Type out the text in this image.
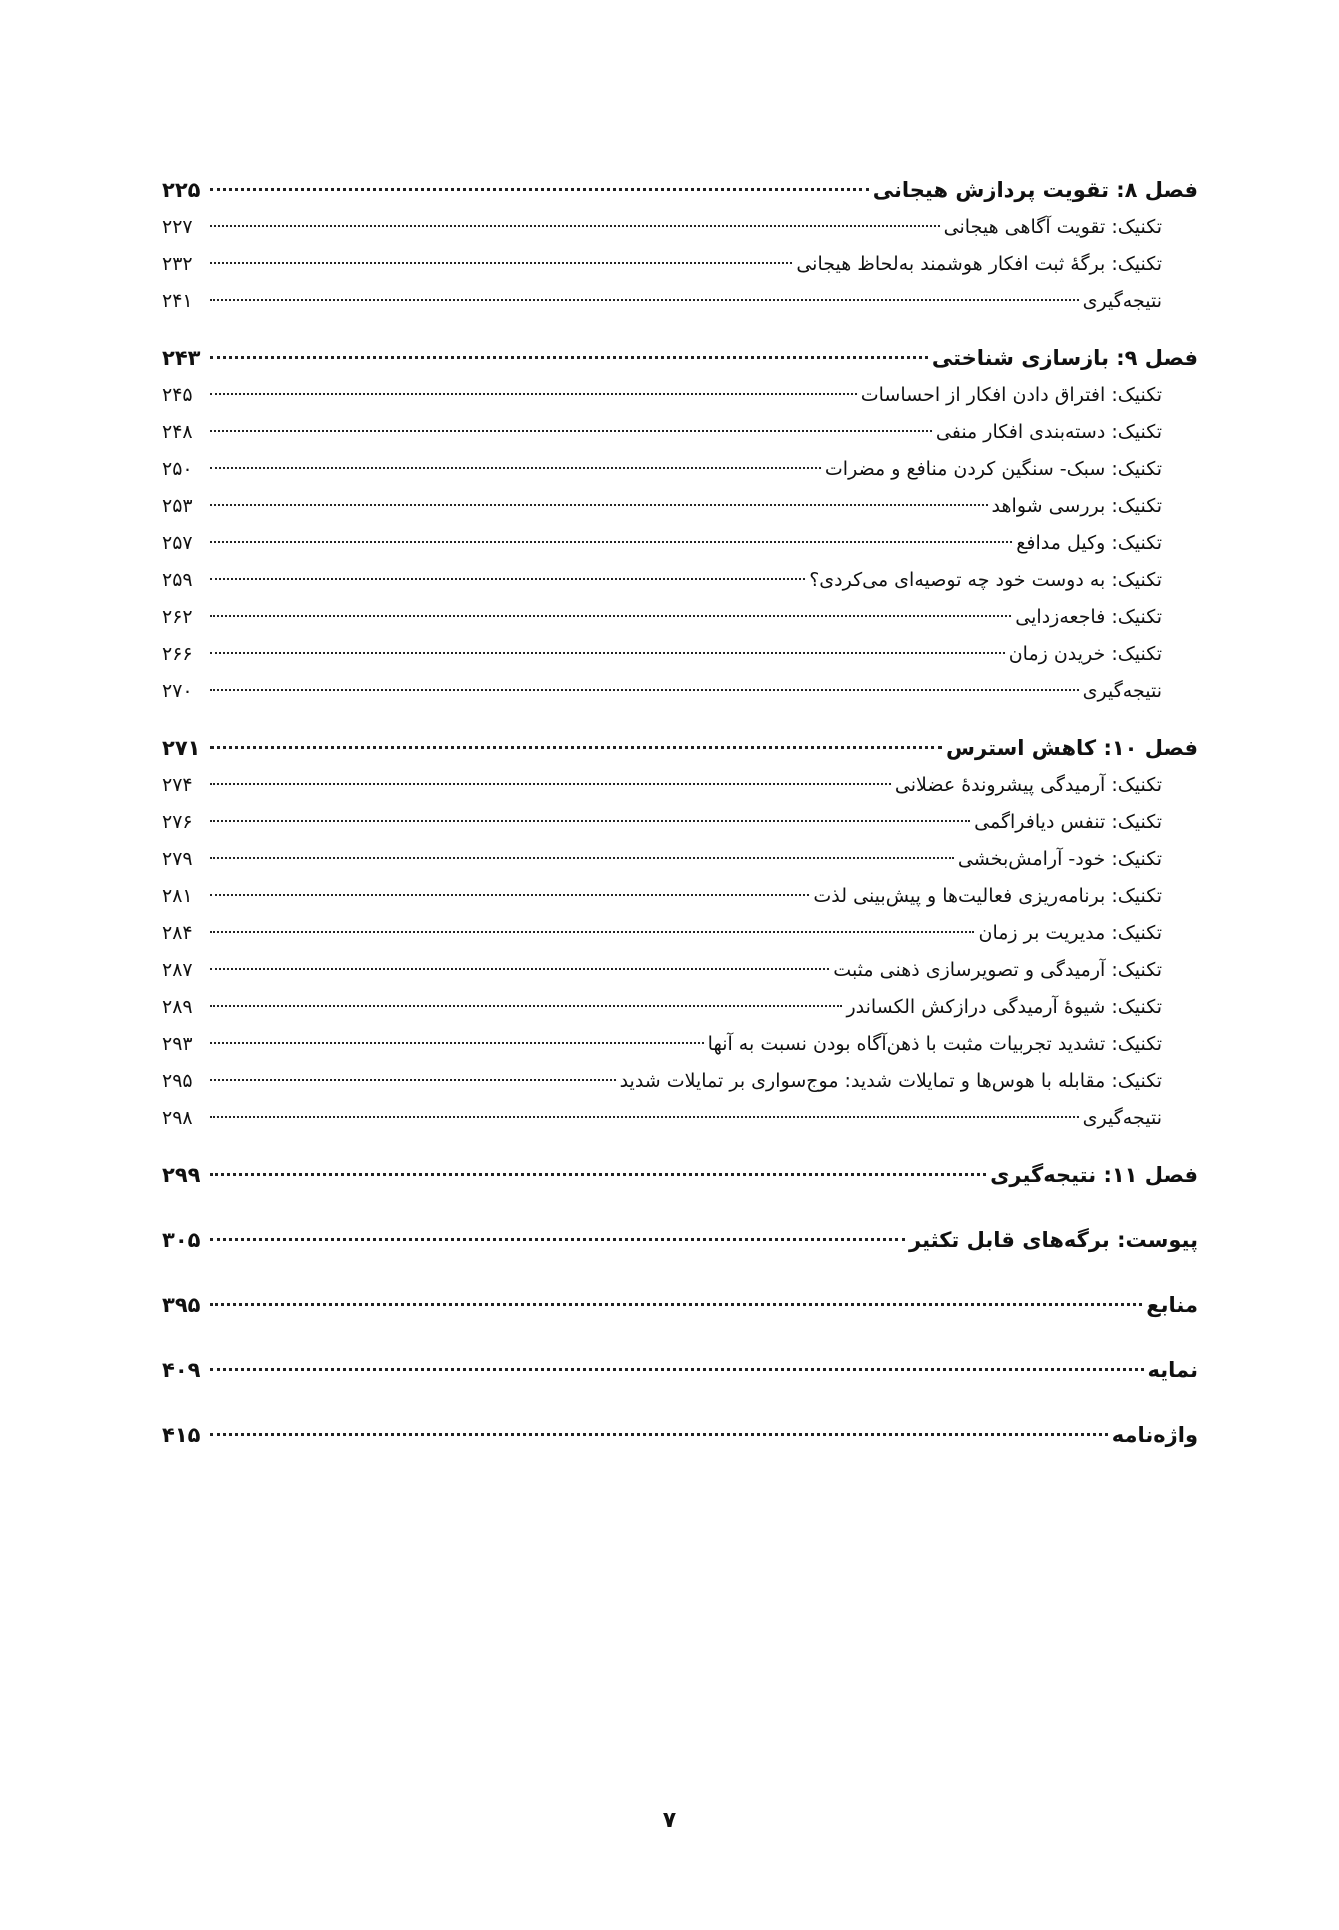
فصل ۸: تقویت پردازش هیجانی
۲۲۵
تکنیک: تقویت آگاهی هیجانی
۲۲۷
تکنیک: برگهٔ ثبت افکار هوشمند به‌لحاظ هیجانی
۲۳۲
نتیجه‌گیری
۲۴۱
فصل ۹: بازسازی شناختی
۲۴۳
تکنیک: افتراق دادن افکار از احساسات
۲۴۵
تکنیک: دسته‌بندی افکار منفی
۲۴۸
تکنیک: سبک- سنگین کردن منافع و مضرات
۲۵۰
تکنیک: بررسی شواهد
۲۵۳
تکنیک: وکیل مدافع
۲۵۷
تکنیک: به دوست خود چه توصیه‌ای می‌کردی؟
۲۵۹
تکنیک: فاجعه‌زدایی
۲۶۲
تکنیک: خریدن زمان
۲۶۶
نتیجه‌گیری
۲۷۰
فصل ۱۰: کاهش استرس
۲۷۱
تکنیک: آرمیدگی پیشروندهٔ عضلانی
۲۷۴
تکنیک: تنفس دیافراگمی
۲۷۶
تکنیک: خود- آرامش‌بخشی
۲۷۹
تکنیک: برنامه‌ریزی فعالیت‌ها و پیش‌بینی لذت
۲۸۱
تکنیک: مدیریت بر زمان
۲۸۴
تکنیک: آرمیدگی و تصویرسازی ذهنی مثبت
۲۸۷
تکنیک: شیوهٔ آرمیدگی درازکش الکساندر
۲۸۹
تکنیک: تشدید تجربیات مثبت با ذهن‌آگاه بودن نسبت به آنها
۲۹۳
تکنیک: مقابله با هوس‌ها و تمایلات شدید: موج‌سواری بر تمایلات شدید
۲۹۵
نتیجه‌گیری
۲۹۸
فصل ۱۱: نتیجه‌گیری
۲۹۹
پیوست: برگه‌های قابل تکثیر
۳۰۵
منابع
۳۹۵
نمایه
۴۰۹
واژه‌نامه
۴۱۵
۷
